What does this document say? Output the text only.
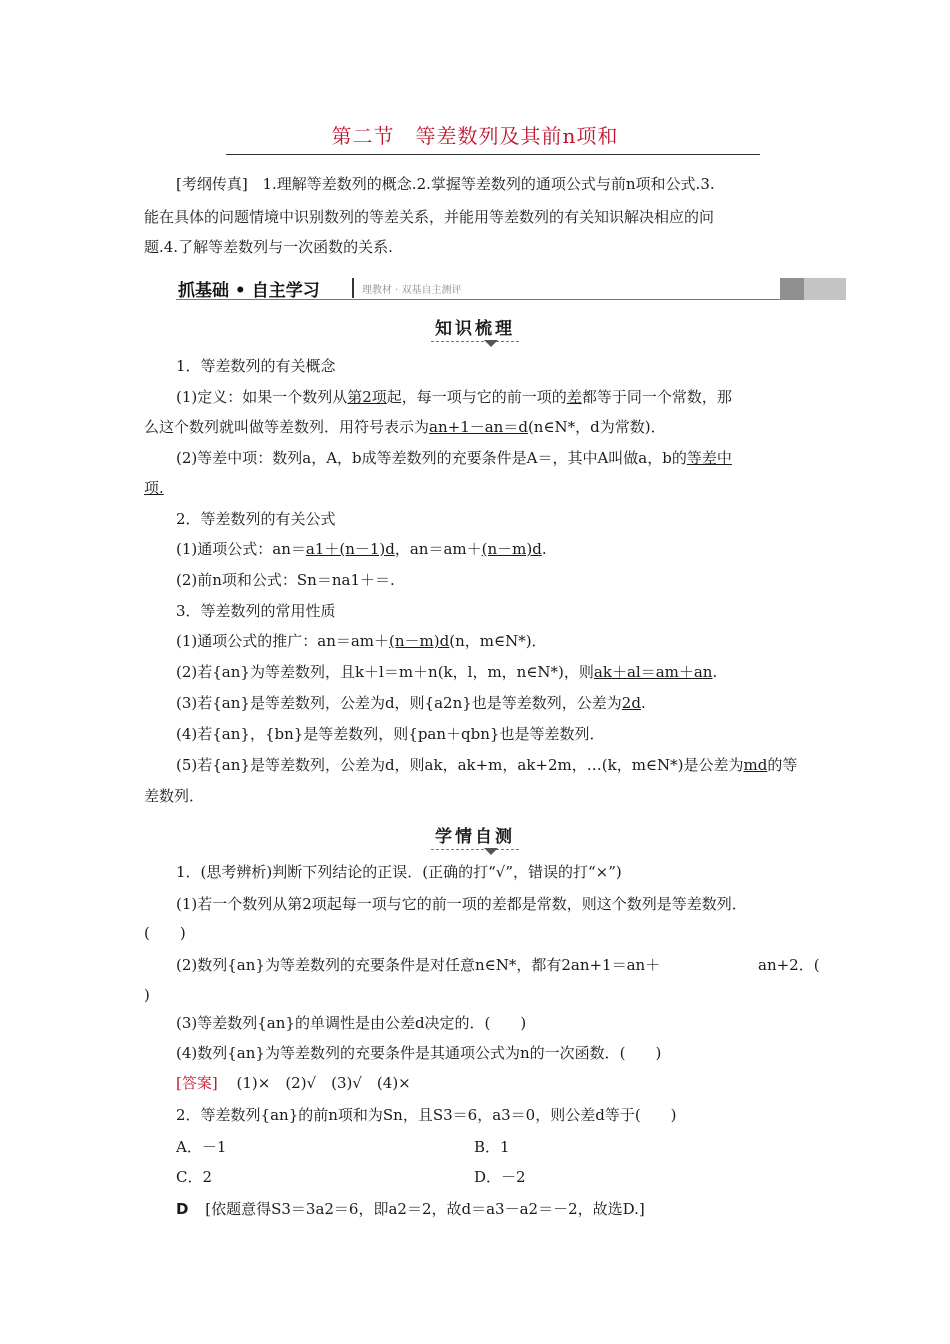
第二节　等差数列及其前n项和
[考纲传真] 1.理解等差数列的概念.2.掌握等差数列的通项公式与前n项和公式.3.
能在具体的问题情境中识别数列的等差关系，并能用等差数列的有关知识解决相应的问
题.4.了解等差数列与一次函数的关系.
抓基础 • 自主学习	理教材 · 双基自主测评
知识梳理
1．等差数列的有关概念
(1)定义：如果一个数列从第2项起，每一项与它的前一项的差都等于同一个常数，那
么这个数列就叫做等差数列．用符号表示为an+1－an＝d(n∈N*，d为常数)．
(2)等差中项：数列a，A，b成等差数列的充要条件是A＝，其中A叫做a，b的等差中
项.
2．等差数列的有关公式
(1)通项公式：an＝a1＋(n－1)d，an＝am＋(n－m)d.
(2)前n项和公式：Sn＝na1＋＝.
3．等差数列的常用性质
(1)通项公式的推广：an＝am＋(n－m)d(n，m∈N*)．
(2)若{an}为等差数列，且k＋l＝m＋n(k，l，m，n∈N*)，则ak＋al＝am＋an.
(3)若{an}是等差数列，公差为d，则{a2n}也是等差数列，公差为2d.
(4)若{an}，{bn}是等差数列，则{pan＋qbn}也是等差数列．
(5)若{an}是等差数列，公差为d，则ak，ak+m，ak+2m，…(k，m∈N*)是公差为md的等
差数列．
学情自测
1．(思考辨析)判断下列结论的正误．(正确的打“√”，错误的打“×”)
(1)若一个数列从第2项起每一项与它的前一项的差都是常数，则这个数列是等差数列．
(　　)
(2)数列{an}为等差数列的充要条件是对任意n∈N*，都有2an+1＝an＋	an+2．(
)
(3)等差数列{an}的单调性是由公差d决定的．(　　)
(4)数列{an}为等差数列的充要条件是其通项公式为n的一次函数．(　　)
[答案] (1)×　(2)√　(3)√　(4)×
2．等差数列{an}的前n项和为Sn，且S3＝6，a3＝0，则公差d等于(　　)
A．－1	B．1
C．2	D．－2
D [依题意得S3＝3a2＝6，即a2＝2，故d＝a3－a2＝－2，故选D.]
